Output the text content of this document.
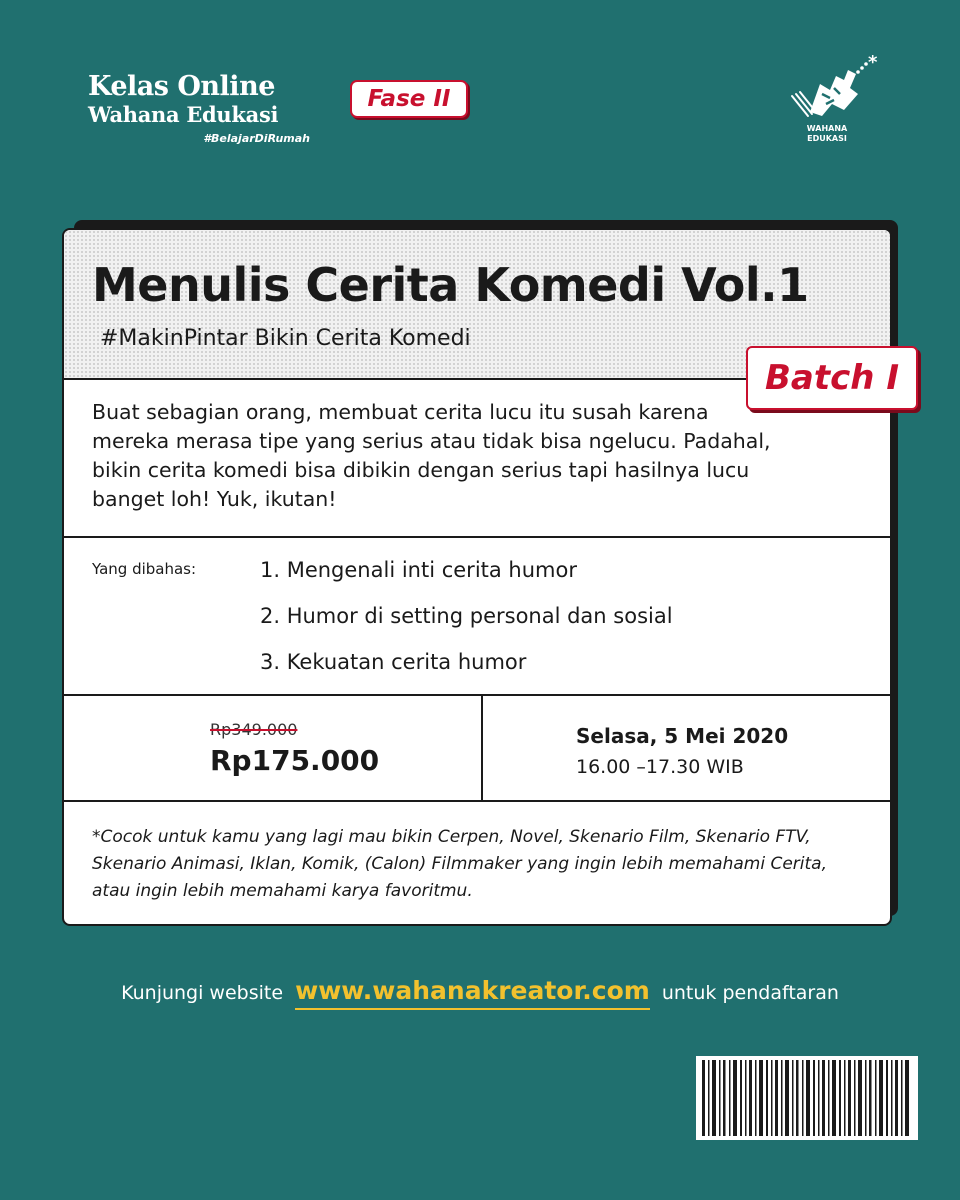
Kelas Online
Wahana Edukasi
#BelajarDiRumah
Fase II
*
WAHANA
EDUKASI
Menulis Cerita Komedi Vol.1
#MakinPintar Bikin Cerita Komedi
Buat sebagian orang, membuat cerita lucu itu susah karena mereka merasa tipe yang serius atau tidak bisa ngelucu. Padahal, bikin cerita komedi bisa dibikin dengan serius tapi hasilnya lucu banget loh! Yuk, ikutan!
Yang dibahas:	1. Mengenali inti cerita humor
2. Humor di setting personal dan sosial
3. Kekuatan cerita humor
Rp349.000
Rp175.000
Selasa, 5 Mei 2020
16.00 –17.30 WIB
*Cocok untuk kamu yang lagi mau bikin Cerpen, Novel, Skenario Film, Skenario FTV, Skenario Animasi, Iklan, Komik, (Calon) Filmmaker yang ingin lebih memahami Cerita, atau ingin lebih memahami karya favoritmu.
Batch I
Kunjungi website www.wahanakreator.com untuk pendaftaran
